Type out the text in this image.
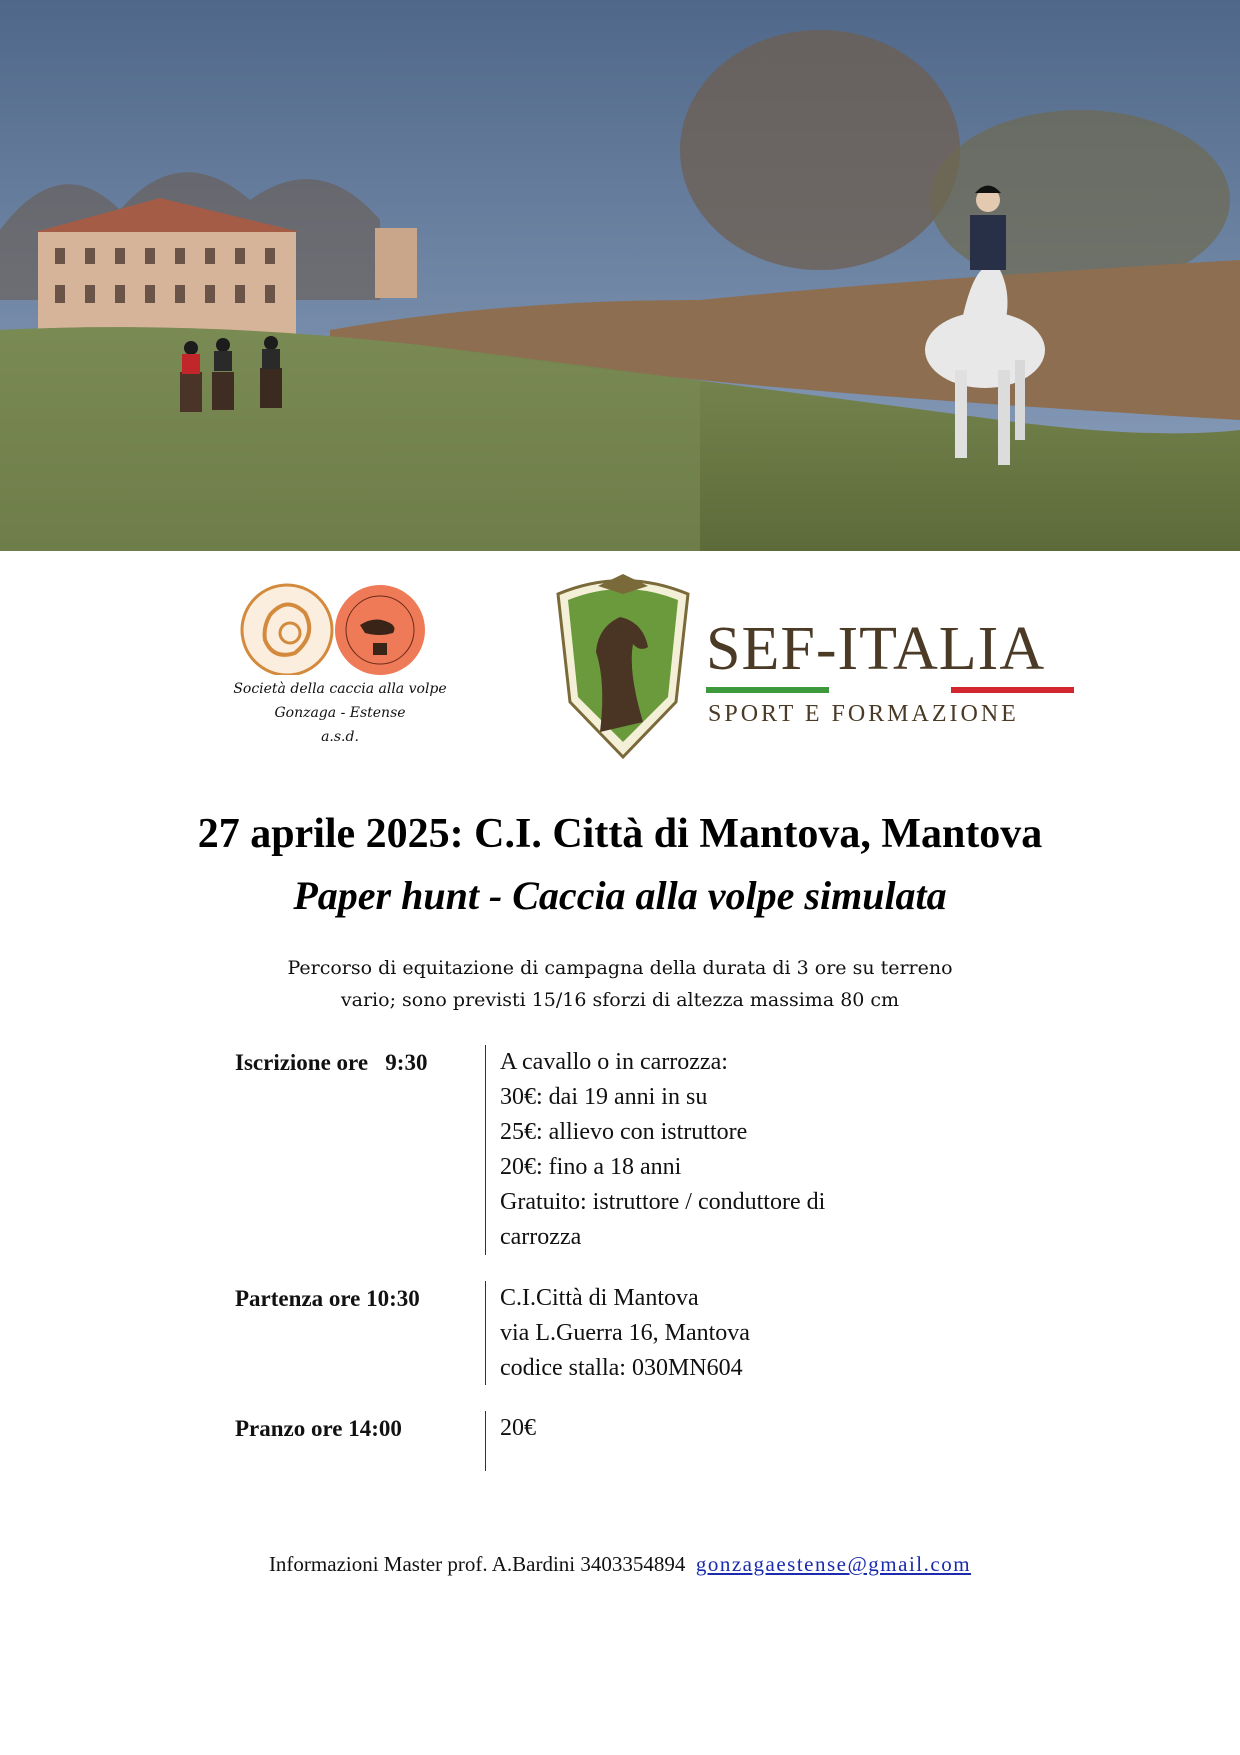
Società della caccia alla volpe
Gonzaga - Estense
a.s.d.
SEF-ITALIA
SPORT E FORMAZIONE
27 aprile 2025: C.I. Città di Mantova, Mantova
Paper hunt - Caccia alla volpe simulata
Percorso di equitazione di campagna della durata di 3 ore su terreno
vario; sono previsti 15/16 sforzi di altezza massima 80 cm
Iscrizione ore   9:30	A cavallo o in carrozza:
30€: dai 19 anni in su
25€: allievo con istruttore
20€: fino a 18 anni
Gratuito: istruttore / conduttore di
carrozza
Partenza ore 10:30	C.I.Città di Mantova
via L.Guerra 16, Mantova
codice stalla: 030MN604
Pranzo ore 14:00	20€
Informazioni Master prof. A.Bardini 3403354894 gonzagaestense@gmail.com
